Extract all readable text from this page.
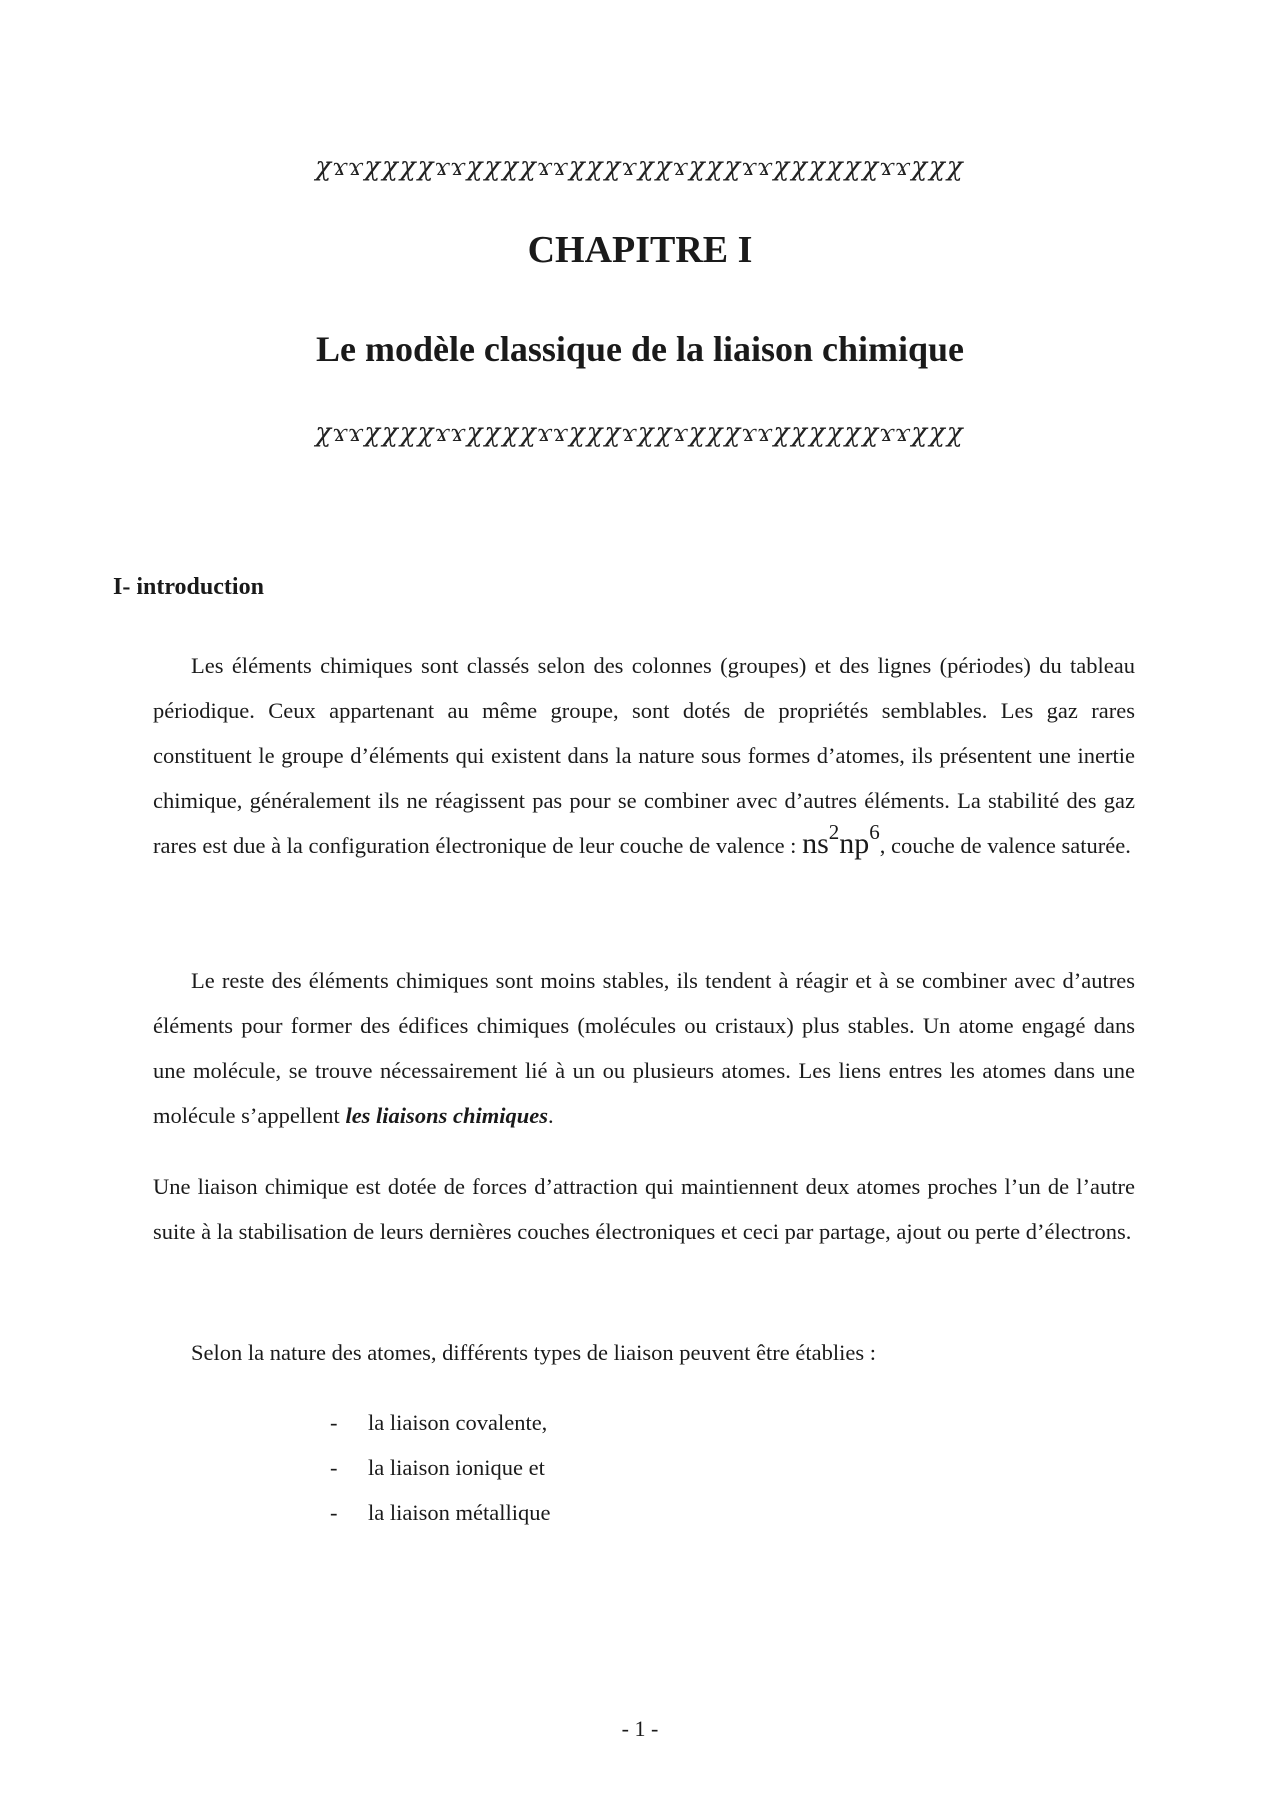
χϫϫχχχχϫϫχχχχϫϫχχχϫχχϫχχχϫϫχχχχχχϫϫχχχ
CHAPITRE I
Le modèle classique de la liaison chimique
χϫϫχχχχϫϫχχχχϫϫχχχϫχχϫχχχϫϫχχχχχχϫϫχχχ
I- introduction

Les éléments chimiques sont classés selon des colonnes (groupes) et des lignes (périodes) du tableau périodique. Ceux appartenant au même groupe, sont dotés de propriétés semblables. Les gaz rares constituent le groupe d’éléments qui existent dans la nature sous formes d’atomes, ils présentent une inertie chimique, généralement ils ne réagissent pas pour se combiner avec d’autres éléments. La stabilité des gaz rares est due à la configuration électronique de leur couche de valence : $ns^2np^6$, couche de valence saturée.

Le reste des éléments chimiques sont moins stables, ils tendent à réagir et à se combiner avec d’autres éléments pour former des édifices chimiques (molécules ou cristaux) plus stables. Un atome engagé dans une molécule, se trouve nécessairement lié à un ou plusieurs atomes. Les liens entres les atomes dans une molécule s’appellent les liaisons chimiques.

Une liaison chimique est dotée de forces d’attraction qui maintiennent deux atomes proches l’un de l’autre suite à la stabilisation de leurs dernières couches électroniques et ceci par partage, ajout ou perte d’électrons.

Selon la nature des atomes, différents types de liaison peuvent être établies :

- la liaison covalente,
- la liaison ionique et
- la liaison métallique
- 1 -
